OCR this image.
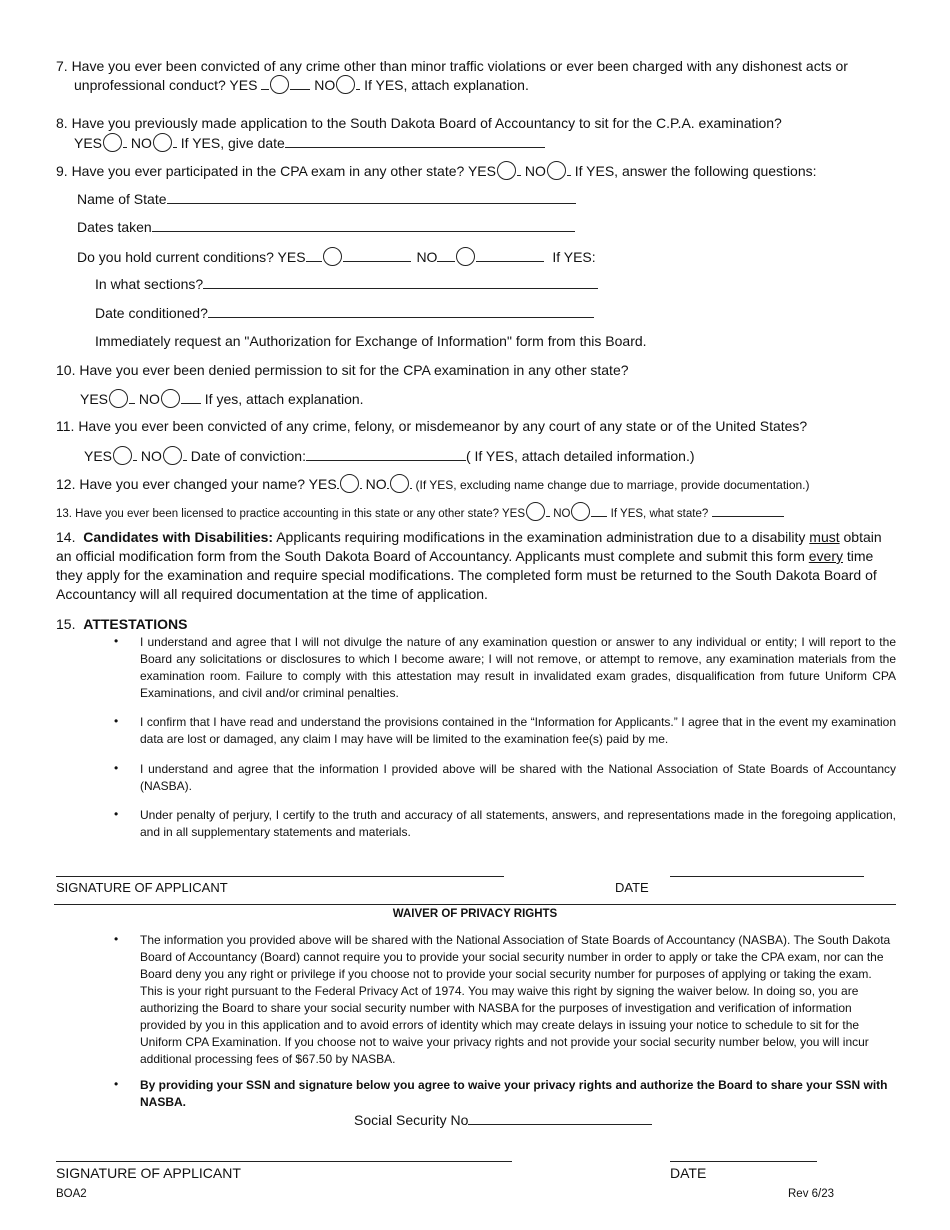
7. Have you ever been convicted of any crime other than minor traffic violations or ever been charged with any dishonest acts or
unprofessional conduct? YES	NO If YES, attach explanation.
8. Have you previously made application to the South Dakota Board of Accountancy to sit for the C.P.A. examination?
YES NO If YES, give date
9. Have you ever participated in the CPA exam in any other state? YES NO If YES, answer the following questions:
Name of State
Dates taken
Do you hold current conditions? YES	NO	If YES:
In what sections?
Date conditioned?
Immediately request an "Authorization for Exchange of Information" form from this Board.
10. Have you ever been denied permission to sit for the CPA examination in any other state?
YES NO	If yes, attach explanation.
11. Have you ever been convicted of any crime, felony, or misdemeanor by any court of any state or of the United States?
YES NO Date of conviction:	( If YES, attach detailed information.)
12. Have you ever changed your name? YES NO (If YES, excluding name change due to marriage, provide documentation.)
13. Have you ever been licensed to practice accounting in this state or any other state? YES NO	If YES, what state?
14. Candidates with Disabilities: Applicants requiring modifications in the examination administration due to a disability must obtain an official modification form from the South Dakota Board of Accountancy. Applicants must complete and submit this form every time they apply for the examination and require special modifications. The completed form must be returned to the South Dakota Board of Accountancy will all required documentation at the time of application.
15. ATTESTATIONS
• I understand and agree that I will not divulge the nature of any examination question or answer to any individual or entity; I will report to the Board any solicitations or disclosures to which I become aware; I will not remove, or attempt to remove, any examination materials from the examination room. Failure to comply with this attestation may result in invalidated exam grades, disqualification from future Uniform CPA Examinations, and civil and/or criminal penalties.
• I confirm that I have read and understand the provisions contained in the “Information for Applicants.” I agree that in the event my examination data are lost or damaged, any claim I may have will be limited to the examination fee(s) paid by me.
• I understand and agree that the information I provided above will be shared with the National Association of State Boards of Accountancy (NASBA).
• Under penalty of perjury, I certify to the truth and accuracy of all statements, answers, and representations made in the foregoing application, and in all supplementary statements and materials.
SIGNATURE OF APPLICANT	DATE
WAIVER OF PRIVACY RIGHTS
• The information you provided above will be shared with the National Association of State Boards of Accountancy (NASBA). The South Dakota Board of Accountancy (Board) cannot require you to provide your social security number in order to apply or take the CPA exam, nor can the Board deny you any right or privilege if you choose not to provide your social security number for purposes of applying or taking the exam. This is your right pursuant to the Federal Privacy Act of 1974. You may waive this right by signing the waiver below. In doing so, you are authorizing the Board to share your social security number with NASBA for the purposes of investigation and verification of information provided by you in this application and to avoid errors of identity which may create delays in issuing your notice to schedule to sit for the Uniform CPA Examination. If you choose not to waive your privacy rights and not provide your social security number below, you will incur additional processing fees of $67.50 by NASBA.
• By providing your SSN and signature below you agree to waive your privacy rights and authorize the Board to share your SSN with NASBA.
Social Security No
SIGNATURE OF APPLICANT	DATE
BOA2	Rev 6/23
